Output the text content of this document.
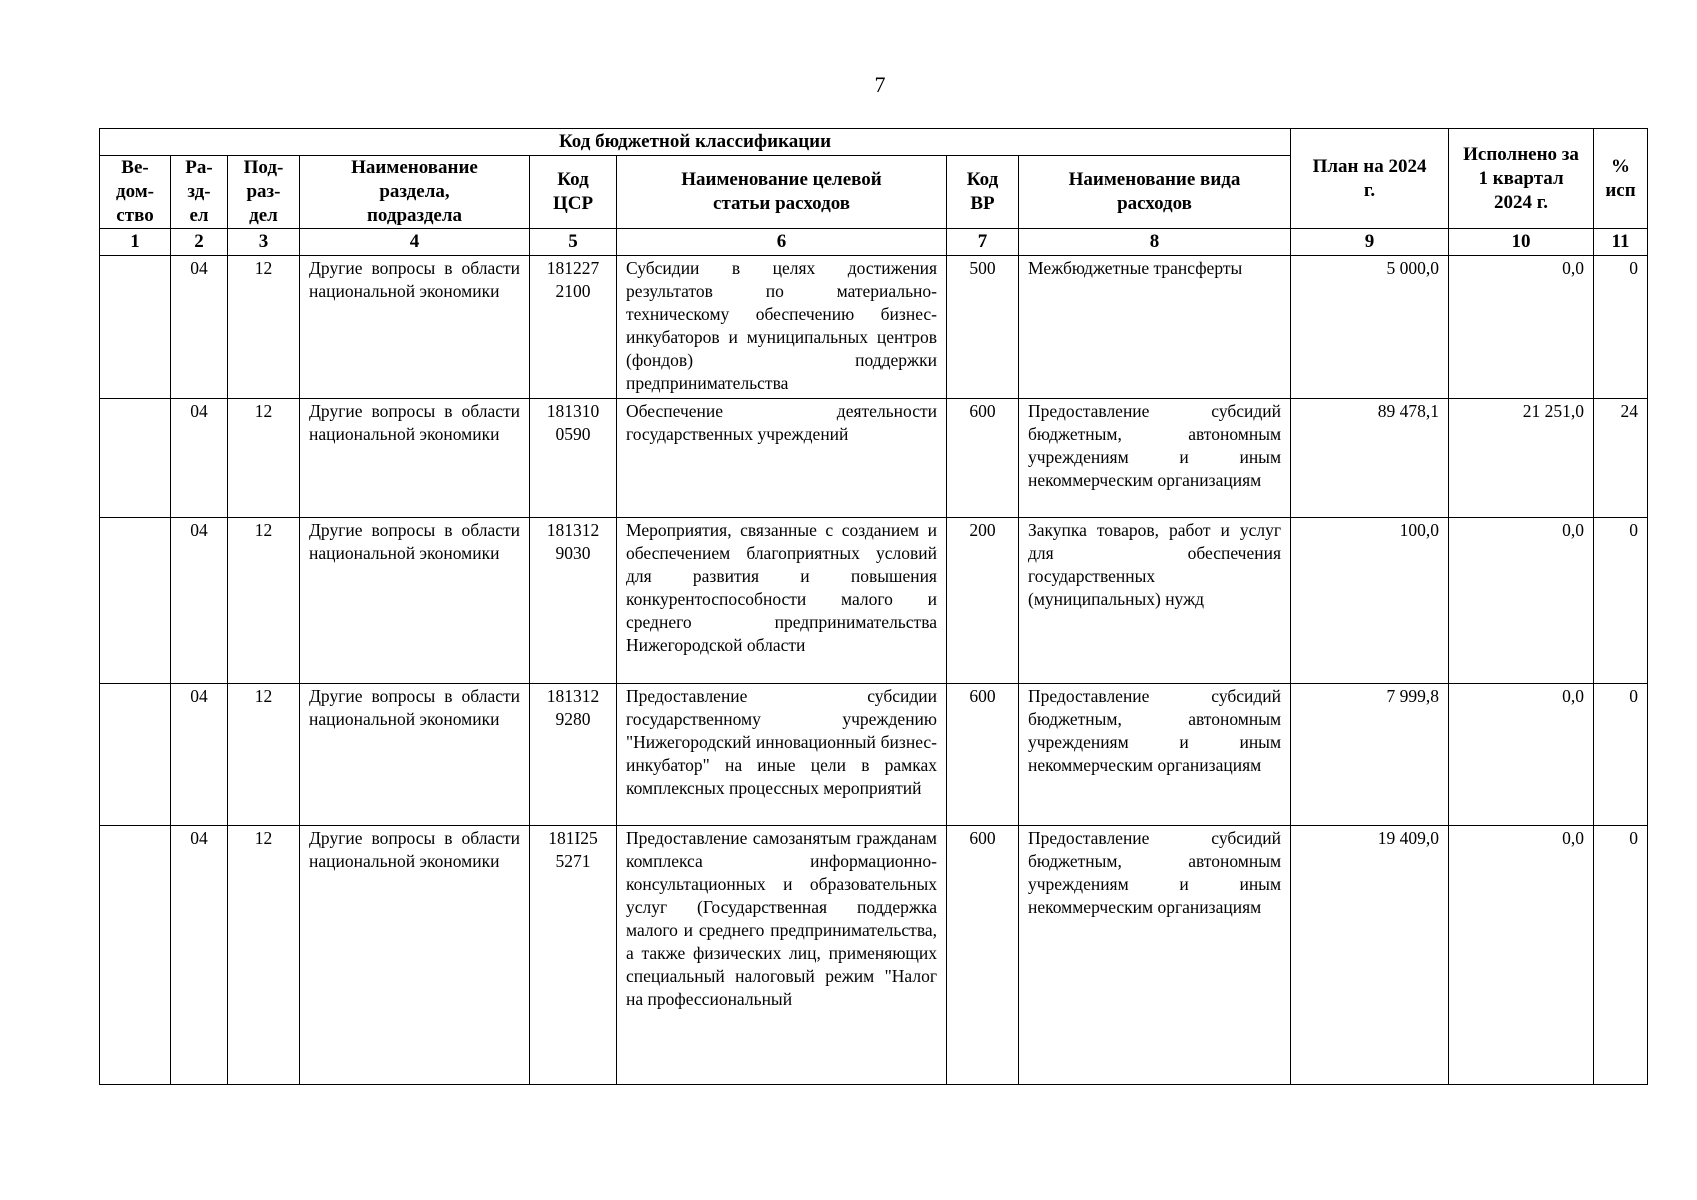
7
Код бюджетной классификации								План на 2024 г.	Исполнено за 1 квартал 2024 г.	% исп
Ве-
дом-
ство	Ра-
зд-
ел	Под-
раз-
дел	Наименование раздела, подраздела	Код ЦСР	Наименование целевой статьи расходов	Код ВР	Наименование вида расходов			
1	2	3	4	5	6	7	8	9	10	11
	04	12	Другие вопросы в области национальной экономики	181227 2100	Субсидии в целях достижения результатов по материально-техническому обеспечению бизнес-инкубаторов и муниципальных центров (фондов) поддержки предпринимательства	500	Межбюджетные трансферты	5 000,0	0,0	0
	04	12	Другие вопросы в области национальной экономики	181310 0590	Обеспечение деятельности государственных учреждений	600	Предоставление субсидий бюджетным, автономным учреждениям и иным некоммерческим организациям	89 478,1	21 251,0	24
	04	12	Другие вопросы в области национальной экономики	181312 9030	Мероприятия, связанные с созданием и обеспечением благоприятных условий для развития и повышения конкурентоспособности малого и среднего предпринимательства Нижегородской области	200	Закупка товаров, работ и услуг для обеспечения государственных (муниципальных) нужд	100,0	0,0	0
	04	12	Другие вопросы в области национальной экономики	181312 9280	Предоставление субсидии государственному учреждению "Нижегородский инновационный бизнес-инкубатор" на иные цели в рамках комплексных процессных мероприятий	600	Предоставление субсидий бюджетным, автономным учреждениям и иным некоммерческим организациям	7 999,8	0,0	0
	04	12	Другие вопросы в области национальной экономики	181I25 5271	Предоставление самозанятым гражданам комплекса информационно-консультационных и образовательных услуг (Государственная поддержка малого и среднего предпринимательства, а также физических лиц, применяющих специальный налоговый режим "Налог на профессиональный	600	Предоставление субсидий бюджетным, автономным учреждениям и иным некоммерческим организациям	19 409,0	0,0	0
